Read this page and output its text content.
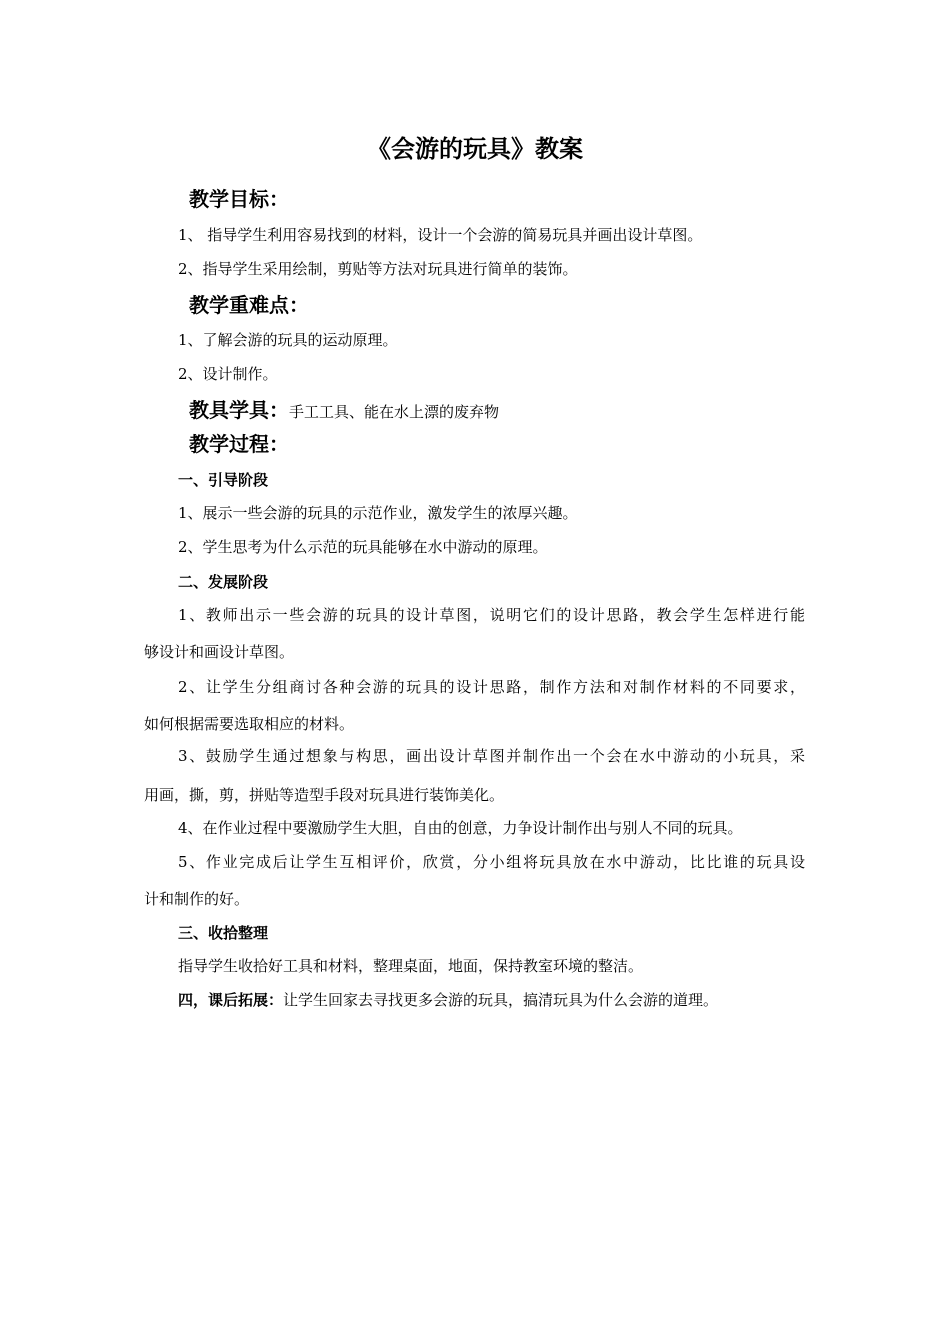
《会游的玩具》教案
教学目标：
1、 指导学生利用容易找到的材料，设计一个会游的简易玩具并画出设计草图。
2、指导学生采用绘制，剪贴等方法对玩具进行简单的装饰。
教学重难点：
1、了解会游的玩具的运动原理。
2、设计制作。
教具学具：手工工具、能在水上漂的废弃物
教学过程：
一、引导阶段
1、展示一些会游的玩具的示范作业，激发学生的浓厚兴趣。
2、学生思考为什么示范的玩具能够在水中游动的原理。
二、发展阶段
1、教师出示一些会游的玩具的设计草图，说明它们的设计思路，教会学生怎样进行能
够设计和画设计草图。
2、让学生分组商讨各种会游的玩具的设计思路，制作方法和对制作材料的不同要求，
如何根据需要选取相应的材料。
3、鼓励学生通过想象与构思，画出设计草图并制作出一个会在水中游动的小玩具，采
用画，撕，剪，拼贴等造型手段对玩具进行装饰美化。
4、在作业过程中要激励学生大胆，自由的创意，力争设计制作出与别人不同的玩具。
5、作业完成后让学生互相评价，欣赏，分小组将玩具放在水中游动，比比谁的玩具设
计和制作的好。
三、收拾整理
指导学生收拾好工具和材料，整理桌面，地面，保持教室环境的整洁。
四，课后拓展：让学生回家去寻找更多会游的玩具，搞清玩具为什么会游的道理。
